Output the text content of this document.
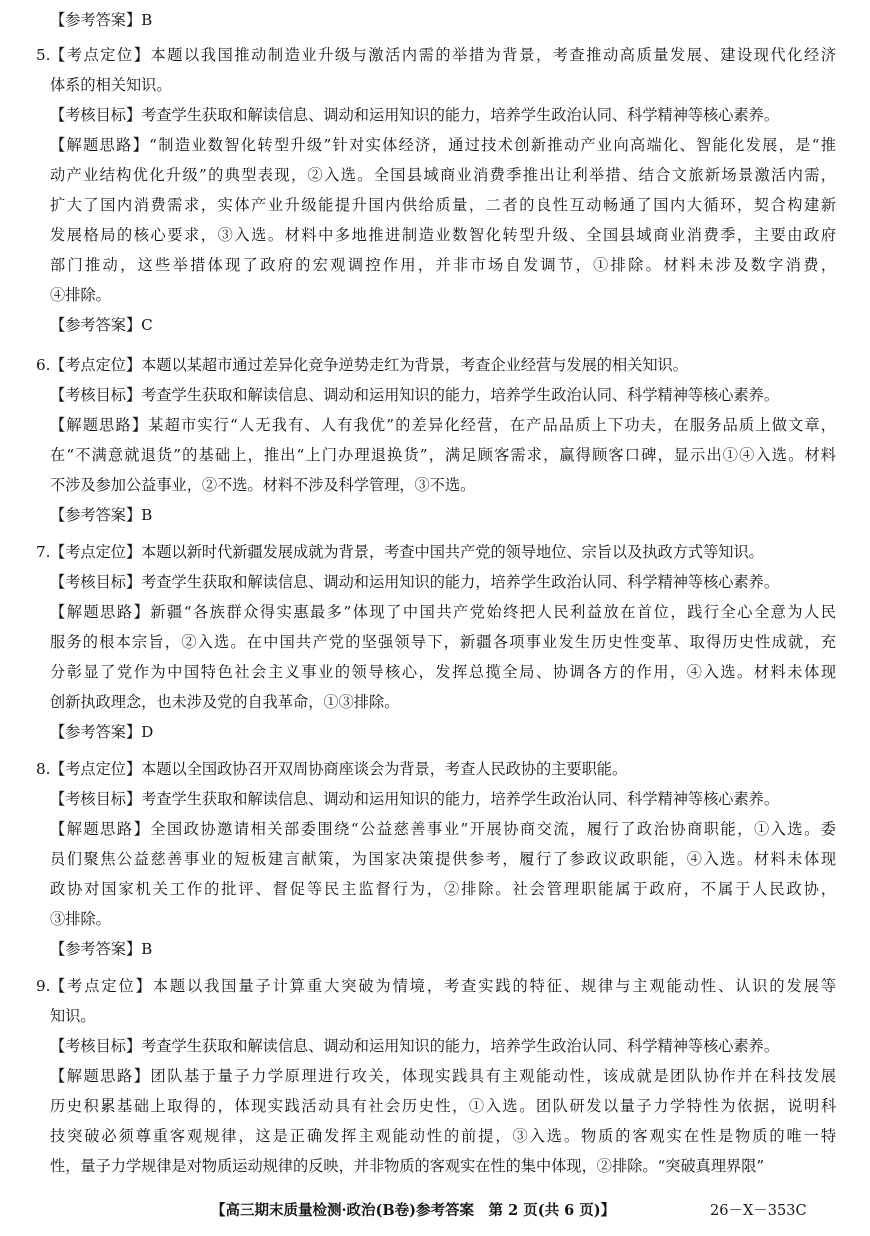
【参考答案】B
5. 【考点定位】本题以我国推动制造业升级与激活内需的举措为背景，考查推动高质量发展、建设现代化经济
体系的相关知识。
【考核目标】考查学生获取和解读信息、调动和运用知识的能力，培养学生政治认同、科学精神等核心素养。
【解题思路】“制造业数智化转型升级”针对实体经济，通过技术创新推动产业向高端化、智能化发展，是“推
动产业结构优化升级”的典型表现，②入选。全国县域商业消费季推出让利举措、结合文旅新场景激活内需，
扩大了国内消费需求，实体产业升级能提升国内供给质量，二者的良性互动畅通了国内大循环，契合构建新
发展格局的核心要求，③入选。材料中多地推进制造业数智化转型升级、全国县域商业消费季，主要由政府
部门推动，这些举措体现了政府的宏观调控作用，并非市场自发调节，①排除。材料未涉及数字消费，
④排除。
【参考答案】C
6. 【考点定位】本题以某超市通过差异化竞争逆势走红为背景，考查企业经营与发展的相关知识。
【考核目标】考查学生获取和解读信息、调动和运用知识的能力，培养学生政治认同、科学精神等核心素养。
【解题思路】某超市实行“人无我有、人有我优”的差异化经营，在产品品质上下功夫，在服务品质上做文章，
在“不满意就退货”的基础上，推出“上门办理退换货”，满足顾客需求，赢得顾客口碑，显示出①④入选。材料
不涉及参加公益事业，②不选。材料不涉及科学管理，③不选。
【参考答案】B
7. 【考点定位】本题以新时代新疆发展成就为背景，考查中国共产党的领导地位、宗旨以及执政方式等知识。
【考核目标】考查学生获取和解读信息、调动和运用知识的能力，培养学生政治认同、科学精神等核心素养。
【解题思路】新疆“各族群众得实惠最多”体现了中国共产党始终把人民利益放在首位，践行全心全意为人民
服务的根本宗旨，②入选。在中国共产党的坚强领导下，新疆各项事业发生历史性变革、取得历史性成就，充
分彰显了党作为中国特色社会主义事业的领导核心，发挥总揽全局、协调各方的作用，④入选。材料未体现
创新执政理念，也未涉及党的自我革命，①③排除。
【参考答案】D
8. 【考点定位】本题以全国政协召开双周协商座谈会为背景，考查人民政协的主要职能。
【考核目标】考查学生获取和解读信息、调动和运用知识的能力，培养学生政治认同、科学精神等核心素养。
【解题思路】全国政协邀请相关部委围绕“公益慈善事业”开展协商交流，履行了政治协商职能，①入选。委
员们聚焦公益慈善事业的短板建言献策，为国家决策提供参考，履行了参政议政职能，④入选。材料未体现
政协对国家机关工作的批评、督促等民主监督行为，②排除。社会管理职能属于政府，不属于人民政协，
③排除。
【参考答案】B
9. 【考点定位】本题以我国量子计算重大突破为情境，考查实践的特征、规律与主观能动性、认识的发展等
知识。
【考核目标】考查学生获取和解读信息、调动和运用知识的能力，培养学生政治认同、科学精神等核心素养。
【解题思路】团队基于量子力学原理进行攻关，体现实践具有主观能动性，该成就是团队协作并在科技发展
历史积累基础上取得的，体现实践活动具有社会历史性，①入选。团队研发以量子力学特性为依据，说明科
技突破必须尊重客观规律，这是正确发挥主观能动性的前提，③入选。物质的客观实在性是物质的唯一特
性，量子力学规律是对物质运动规律的反映，并非物质的客观实在性的集中体现，②排除。“突破真理界限”
【高三期末质量检测·政治(B卷)参考答案　第 2 页(共 6 页)】	26－X－353C
